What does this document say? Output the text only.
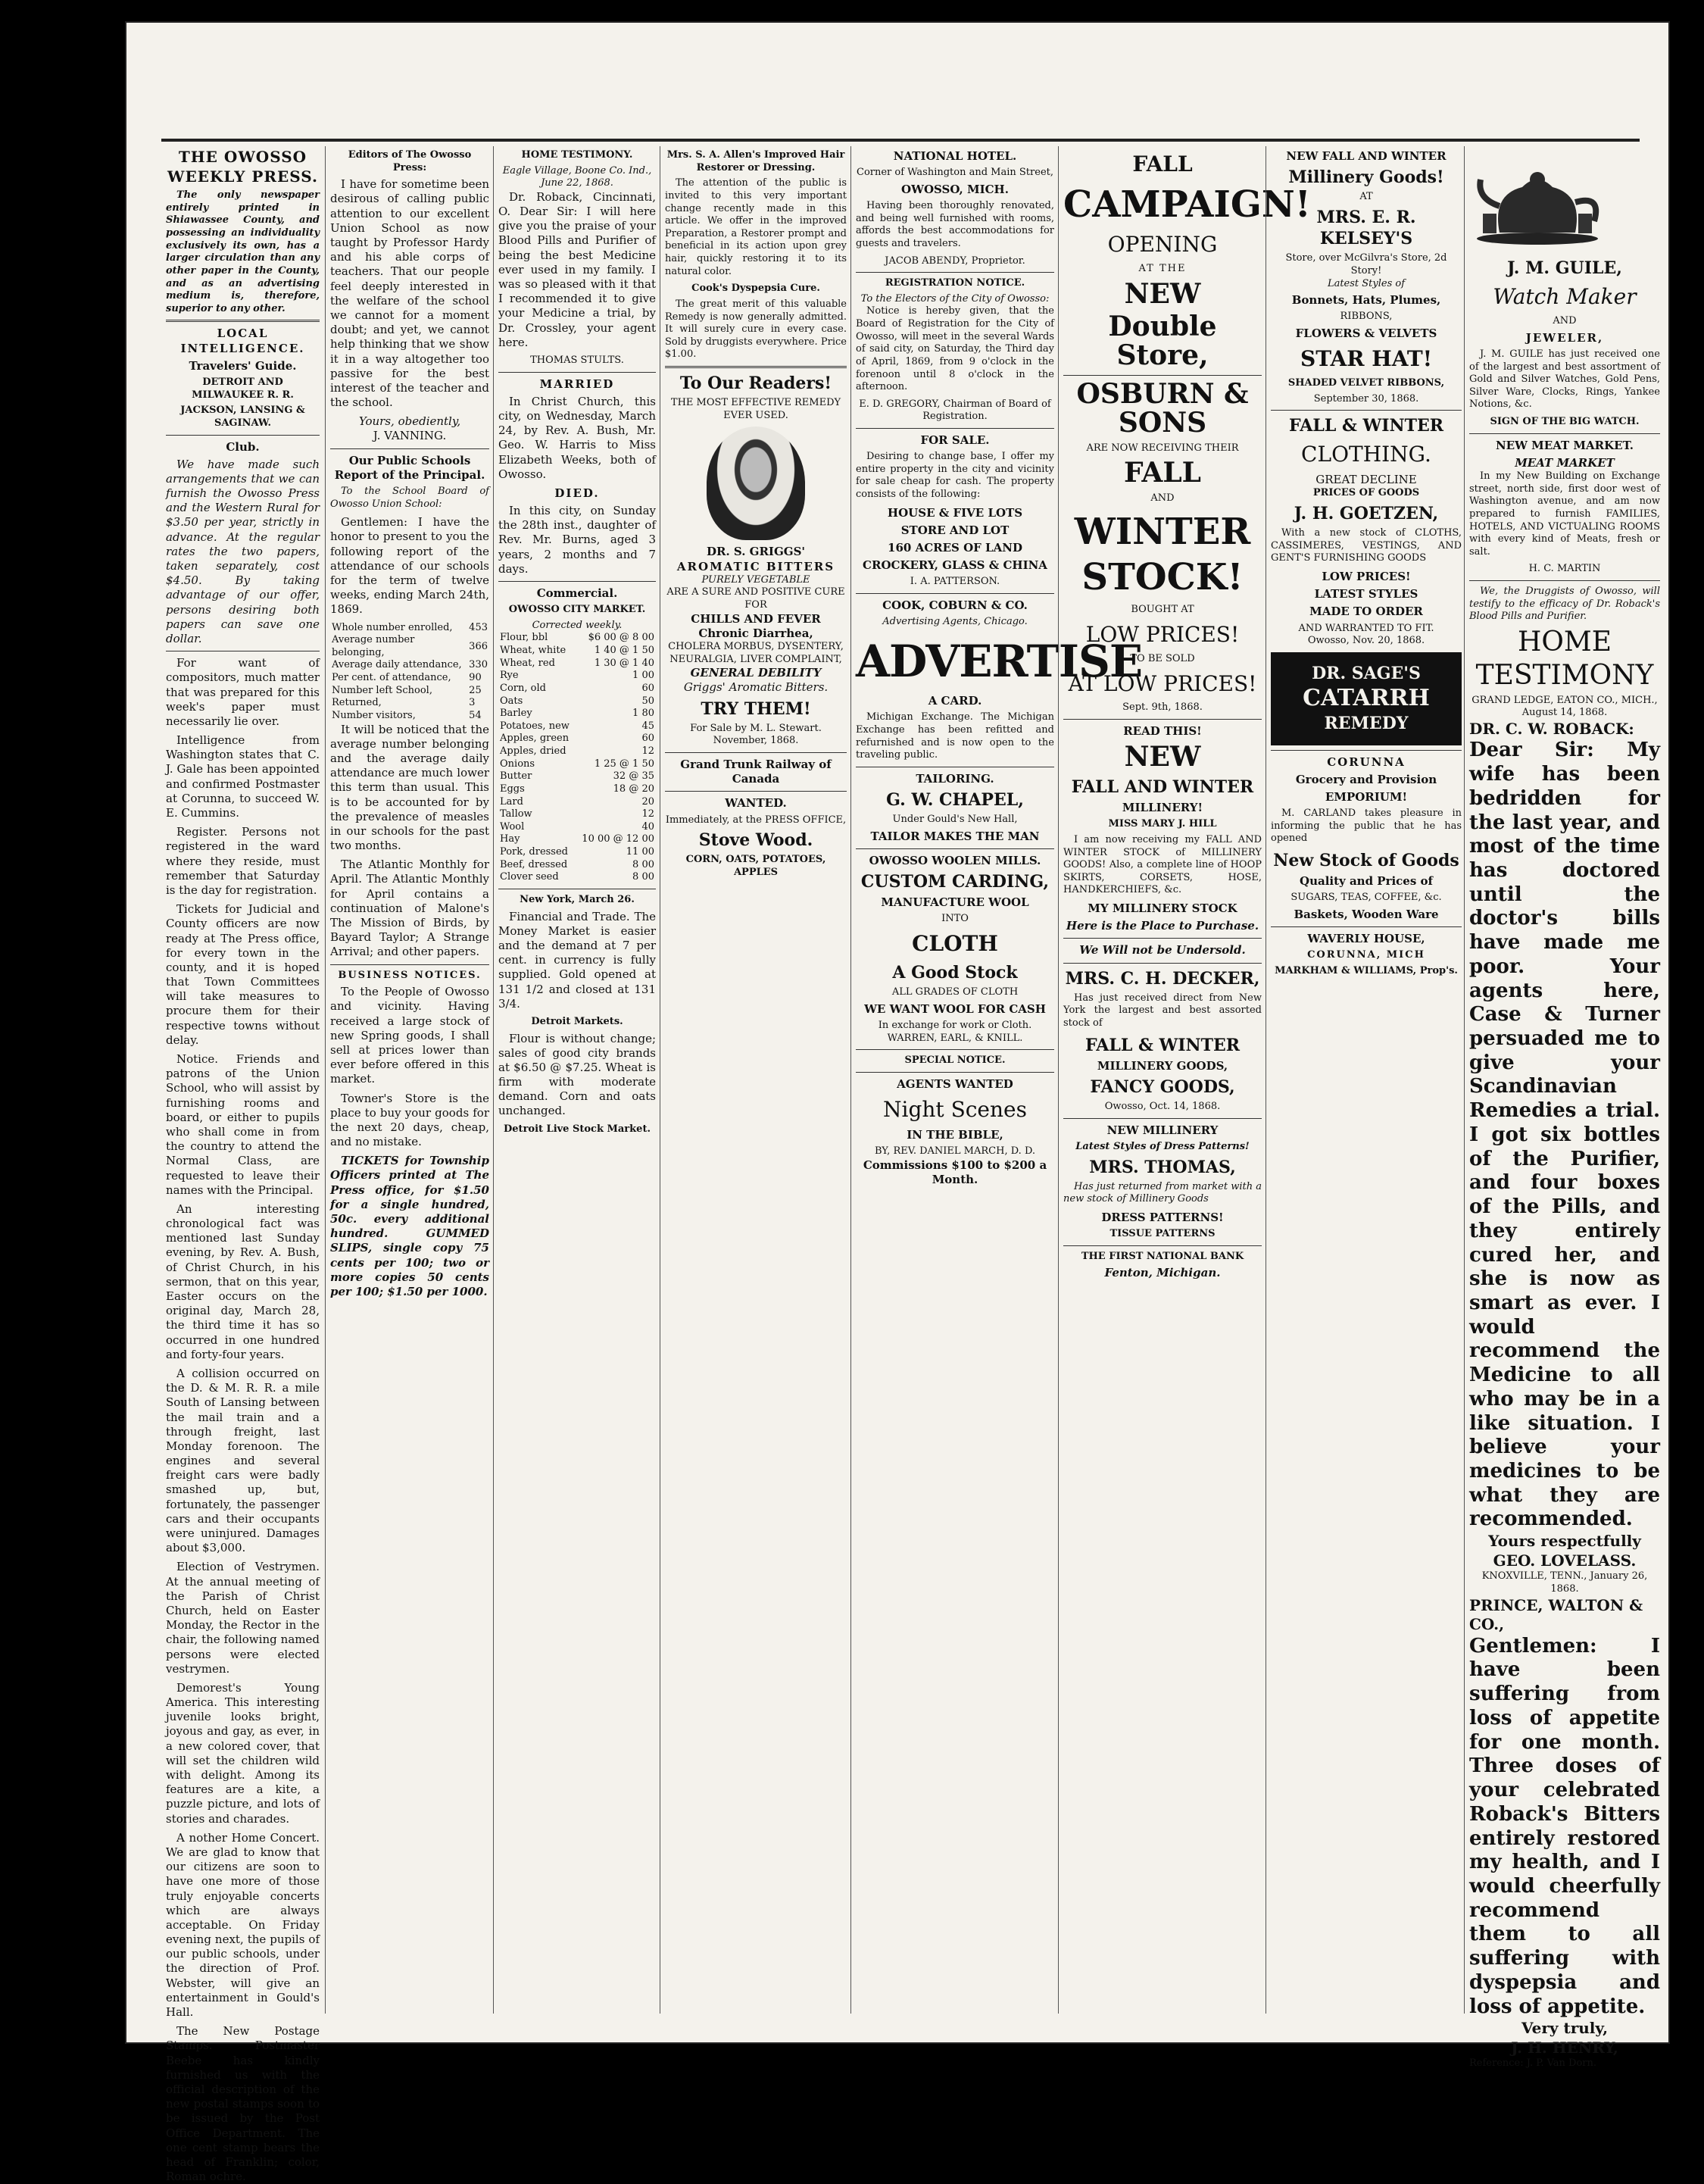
THE OWOSSO WEEKLY PRESS.

The only newspaper entirely printed in Shiawassee County, and possessing an individuality exclusively its own, has a larger circulation than any other paper in the County, and as an advertising medium is, therefore, superior to any other.

LOCAL INTELLIGENCE.
Travelers' Guide.
DETROIT AND MILWAUKEE R. R.
JACKSON, LANSING & SAGINAW.
Club.

We have made such arrangements that we can furnish the Owosso Press and the Western Rural for $3.50 per year, strictly in advance. At the regular rates the two papers, taken separately, cost $4.50. By taking advantage of our offer, persons desiring both papers can save one dollar.

For want of compositors, much matter that was prepared for this week's paper must necessarily lie over.

Intelligence from Washington states that C. J. Gale has been appointed and confirmed Postmaster at Corunna, to succeed W. E. Cummins.

Register. Persons not registered in the ward where they reside, must remember that Saturday is the day for registration.

Tickets for Judicial and County officers are now ready at The Press office, for every town in the county, and it is hoped that Town Committees will take measures to procure them for their respective towns without delay.

Notice. Friends and patrons of the Union School, who will assist by furnishing rooms and board, or either to pupils who shall come in from the country to attend the Normal Class, are requested to leave their names with the Principal.

An interesting chronological fact was mentioned last Sunday evening, by Rev. A. Bush, of Christ Church, in his sermon, that on this year, Easter occurs on the original day, March 28, the third time it has so occurred in one hundred and forty-four years.

A collision occurred on the D. & M. R. R. a mile South of Lansing between the mail train and a through freight, last Monday forenoon. The engines and several freight cars were badly smashed up, but, fortunately, the passenger cars and their occupants were uninjured. Damages about $3,000.

Election of Vestrymen. At the annual meeting of the Parish of Christ Church, held on Easter Monday, the Rector in the chair, the following named persons were elected vestrymen.

Demorest's Young America. This interesting juvenile looks bright, joyous and gay, as ever, in a new colored cover, that will set the children wild with delight. Among its features are a kite, a puzzle picture, and lots of stories and charades.

A nother Home Concert. We are glad to know that our citizens are soon to have one more of those truly enjoyable concerts which are always acceptable. On Friday evening next, the pupils of our public schools, under the direction of Prof. Webster, will give an entertainment in Gould's Hall.

The New Postage Stamps. Postmaster Beebe has kindly furnished us with the official description of the new postal stamps soon to be issued by the Post Office Department. The one cent stamp bears the head of Franklin; color, Roman ochre.

Editors of The Owosso Press:

I have for sometime been desirous of calling public attention to our excellent Union School as now taught by Professor Hardy and his able corps of teachers. That our people feel deeply interested in the welfare of the school we cannot for a moment doubt; and yet, we cannot help thinking that we show it in a way altogether too passive for the best interest of the teacher and the school.

Yours, obediently,
J. VANNING.
Our Public Schools Report of the Principal.

To the School Board of Owosso Union School:

Gentlemen: I have the honor to present to you the following report of the attendance of our schools for the term of twelve weeks, ending March 24th, 1869.

Whole number enrolled,	453
Average number belonging,	366
Average daily attendance,	330
Per cent. of attendance,	90
Number left School,	25
Returned,	3
Number visitors,	54

It will be noticed that the average number belonging and the average daily attendance are much lower this term than usual. This is to be accounted for by the prevalence of measles in our schools for the past two months.

The Atlantic Monthly for April. The Atlantic Monthly for April contains a continuation of Malone's The Mission of Birds, by Bayard Taylor; A Strange Arrival; and other papers.

BUSINESS NOTICES.

To the People of Owosso and vicinity. Having received a large stock of new Spring goods, I shall sell at prices lower than ever before offered in this market.

Towner's Store is the place to buy your goods for the next 20 days, cheap, and no mistake.

TICKETS for Township Officers printed at The Press office, for $1.50 for a single hundred, 50c. every additional hundred. GUMMED SLIPS, single copy 75 cents per 100; two or more copies 50 cents per 100; $1.50 per 1000.

HOME TESTIMONY.
Eagle Village, Boone Co. Ind., June 22, 1868.

Dr. Roback, Cincinnati, O. Dear Sir: I will here give you the praise of your Blood Pills and Purifier of being the best Medicine ever used in my family. I was so pleased with it that I recommended it to give your Medicine a trial, by Dr. Crossley, your agent here.

THOMAS STULTS.
MARRIED

In Christ Church, this city, on Wednesday, March 24, by Rev. A. Bush, Mr. Geo. W. Harris to Miss Elizabeth Weeks, both of Owosso.

DIED.

In this city, on Sunday the 28th inst., daughter of Rev. Mr. Burns, aged 3 years, 2 months and 7 days.

Commercial.
OWOSSO CITY MARKET.
Corrected weekly.
Flour, bbl	$6 00 @ 8 00
Wheat, white	1 40 @ 1 50
Wheat, red	1 30 @ 1 40
Rye	1 00
Corn, old	60
Oats	50
Barley	1 80
Potatoes, new	45
Apples, green	60
Apples, dried	12
Onions	1 25 @ 1 50
Butter	32 @ 35
Eggs	18 @ 20
Lard	20
Tallow	12
Wool	40
Hay	10 00 @ 12 00
Pork, dressed	11 00
Beef, dressed	8 00
Clover seed	8 00
New York, March 26.

Financial and Trade. The Money Market is easier and the demand at 7 per cent. in currency is fully supplied. Gold opened at 131 1/2 and closed at 131 3/4.

Detroit Markets.

Flour is without change; sales of good city brands at $6.50 @ $7.25. Wheat is firm with moderate demand. Corn and oats unchanged.

Detroit Live Stock Market.
Mrs. S. A. Allen's Improved Hair Restorer or Dressing.

The attention of the public is invited to this very important change recently made in this article. We offer in the improved Preparation, a Restorer prompt and beneficial in its action upon grey hair, quickly restoring it to its natural color.

Cook's Dyspepsia Cure.

The great merit of this valuable Remedy is now generally admitted. It will surely cure in every case. Sold by druggists everywhere. Price $1.00.

To Our Readers!
THE MOST EFFECTIVE REMEDY
EVER USED.
DR. S. GRIGGS'
AROMATIC BITTERS
PURELY VEGETABLE
ARE A SURE AND POSITIVE CURE
FOR
CHILLS AND FEVER
Chronic Diarrhea,
CHOLERA MORBUS, DYSENTERY, NEURALGIA, LIVER COMPLAINT,
GENERAL DEBILITY
Griggs' Aromatic Bitters.
TRY THEM!
For Sale by M. L. Stewart.
November, 1868.
Grand Trunk Railway of Canada
WANTED.
Immediately, at the PRESS OFFICE,
Stove Wood.
CORN, OATS, POTATOES, APPLES
NATIONAL HOTEL.
Corner of Washington and Main Street,
OWOSSO, MICH.

Having been thoroughly renovated, and being well furnished with rooms, affords the best accommodations for guests and travelers.

JACOB ABENDY, Proprietor.
REGISTRATION NOTICE.
To the Electors of the City of Owosso:

Notice is hereby given, that the Board of Registration for the City of Owosso, will meet in the several Wards of said city, on Saturday, the Third day of April, 1869, from 9 o'clock in the forenoon until 8 o'clock in the afternoon.

E. D. GREGORY, Chairman of Board of Registration.
FOR SALE.

Desiring to change base, I offer my entire property in the city and vicinity for sale cheap for cash. The property consists of the following:

HOUSE & FIVE LOTS
STORE AND LOT
160 ACRES OF LAND
CROCKERY, GLASS & CHINA
I. A. PATTERSON.
COOK, COBURN & CO.
Advertising Agents, Chicago.
ADVERTISE
A CARD.

Michigan Exchange. The Michigan Exchange has been refitted and refurnished and is now open to the traveling public.

TAILORING.
G. W. CHAPEL,
Under Gould's New Hall,
TAILOR MAKES THE MAN
OWOSSO WOOLEN MILLS.
CUSTOM CARDING,
MANUFACTURE WOOL
INTO
CLOTH
A Good Stock
ALL GRADES OF CLOTH
WE WANT WOOL FOR CASH
In exchange for work or Cloth.
WARREN, EARL, & KNILL.
SPECIAL NOTICE.
AGENTS WANTED
Night Scenes
IN THE BIBLE,
BY, REV. DANIEL MARCH, D. D.
Commissions $100 to $200 a Month.
FALL
CAMPAIGN!
OPENING
AT THE
NEW
Double Store,
OSBURN & SONS
ARE NOW RECEIVING THEIR
FALL
AND
WINTER
STOCK!
BOUGHT AT
LOW PRICES!
TO BE SOLD
AT LOW PRICES!
Sept. 9th, 1868.
READ THIS!
NEW
FALL AND WINTER
MILLINERY!
MISS MARY J. HILL

I am now receiving my FALL AND WINTER STOCK of MILLINERY GOODS! Also, a complete line of HOOP SKIRTS, CORSETS, HOSE, HANDKERCHIEFS, &c.

MY MILLINERY STOCK
Here is the Place to Purchase.
We Will not be Undersold.
MRS. C. H. DECKER,

Has just received direct from New York the largest and best assorted stock of

FALL & WINTER
MILLINERY GOODS,
FANCY GOODS,
Owosso, Oct. 14, 1868.
NEW MILLINERY
Latest Styles of Dress Patterns!
MRS. THOMAS,

Has just returned from market with a new stock of Millinery Goods

DRESS PATTERNS!
TISSUE PATTERNS
THE FIRST NATIONAL BANK
Fenton, Michigan.
NEW FALL AND WINTER
Millinery Goods!
AT
MRS. E. R. KELSEY'S
Store, over McGilvra's Store, 2d Story!
Latest Styles of
Bonnets, Hats, Plumes,
RIBBONS,
FLOWERS & VELVETS
STAR HAT!
SHADED VELVET RIBBONS,
September 30, 1868.
FALL & WINTER
CLOTHING.
GREAT DECLINE
PRICES OF GOODS
J. H. GOETZEN,

With a new stock of CLOTHS, CASSIMERES, VESTINGS, AND GENT'S FURNISHING GOODS

LOW PRICES!
LATEST STYLES
MADE TO ORDER
AND WARRANTED TO FIT.
Owosso, Nov. 20, 1868.
DR. SAGE'S
CATARRH
REMEDY
CORUNNA
Grocery and Provision
EMPORIUM!

M. CARLAND takes pleasure in informing the public that he has opened

New Stock of Goods
Quality and Prices of
SUGARS, TEAS, COFFEE, &c.
Baskets, Wooden Ware
WAVERLY HOUSE,
CORUNNA, MICH
MARKHAM & WILLIAMS, Prop's.
J. M. GUILE,
Watch Maker
AND
JEWELER,

J. M. GUILE has just received one of the largest and best assortment of Gold and Silver Watches, Gold Pens, Silver Ware, Clocks, Rings, Yankee Notions, &c.

SIGN OF THE BIG WATCH.
NEW MEAT MARKET.
MEAT MARKET

In my New Building on Exchange street, north side, first door west of Washington avenue, and am now prepared to furnish FAMILIES, HOTELS, AND VICTUALING ROOMS with every kind of Meats, fresh or salt.

H. C. MARTIN

We, the Druggists of Owosso, will testify to the efficacy of Dr. Roback's Blood Pills and Purifier.

HOME
TESTIMONY
GRAND LEDGE, EATON CO., MICH., August 14, 1868.
DR. C. W. ROBACK:
Dear Sir: My wife has been bedridden for the last year, and most of the time has doctored until the doctor's bills have made me poor. Your agents here, Case & Turner persuaded me to give your Scandinavian Remedies a trial. I got six bottles of the Purifier, and four boxes of the Pills, and they entirely cured her, and she is now as smart as ever. I would recommend the Medicine to all who may be in a like situation. I believe your medicines to be what they are recommended.
Yours respectfully
GEO. LOVELASS.
KNOXVILLE, TENN., January 26, 1868.
PRINCE, WALTON & CO.,
Gentlemen: I have been suffering from loss of appetite for one month. Three doses of your celebrated Roback's Bitters entirely restored my health, and I would cheerfully recommend them to all suffering with dyspepsia and loss of appetite.
Very truly,
J. H. HENRY,
Reference: J. P. Van Dorn.
